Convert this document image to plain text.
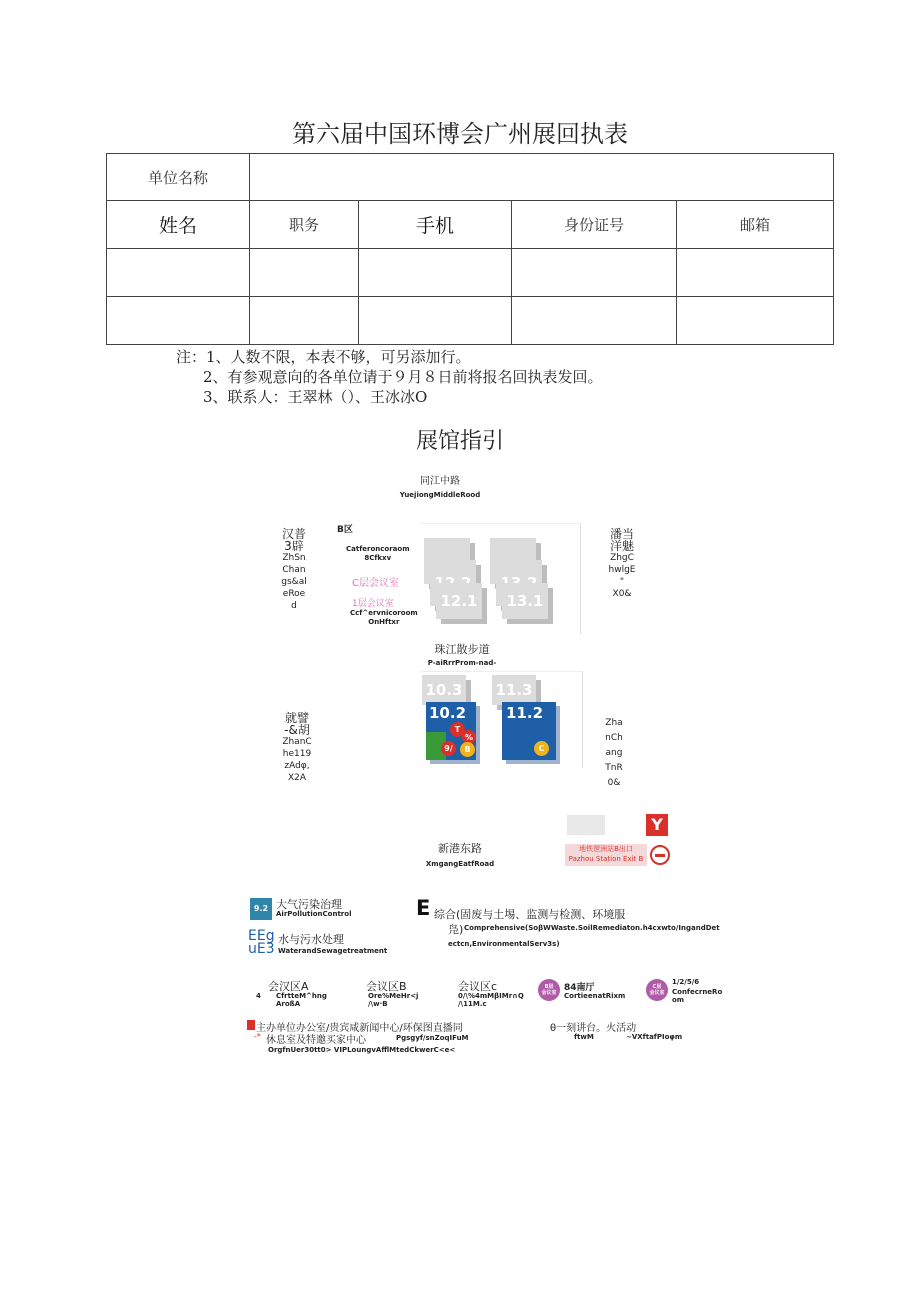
第六届中国环博会广州展回执表
单位名称				
姓名	职务	手机	身份证号	邮箱

注：1、人数不限，本表不够，可另添加行。
2、有参观意向的各单位请于９月８日前将报名回执表发回。
3、联系人：王翠林（）、王冰冰O
展馆指引
同江中路
YuejiongMiddleRood
汉普
3辟
ZhSn
Chan
gs&al
eRoe
d
B区
Catferoncoraom
8Cfkxv
C层会议室
1层会议室
Ccf^ervnicoroom
OnHftxr
12.1 13.1
潘当
洋魅
ZhgC
hwlgE
"
X0&
珠江散步道
P-aiRrrProm-nad-
10.3 11.3
10.2
T
%
9/ B
11.2
C
就譬
-&胡
ZhanC
he119
zAdφ,
X2A
Zha
nCh
ang
TnR
0&
新港东路
XmgangEatfRoad
Y
地铁琶洲站B出口
Pazhou Station Exit B
9.2 大气污染治理
AirPollutionControl
EEg
uE3
水与污水处理
WaterandSewagetreatment
E 综合(固废与土埸、监测与检测、环境服
凫) Comprehensive(SoβWWaste.SoilRemediaton.h4cxwto/ІngandDet
ectcn,EnvironmentalServ3s)
会汉区A
4 CfrtteM^hng
AroßA
会议区B
Ore%MeHr<j
/\w·B
会议区c
0/\%4mMβIMr∩Q
/\11M.c
B层
会议室 84南厅
CortieenatRixm
C层
会议室
1/2/5/6
ConfecrneRo
om
主办单位办公室/贵宾咸新闻中心/环保图直播同
-* 休息室及特邀买家中心	Pgsgyf/snZoqIFuM
OrgfnUer30tt0> VIPLoungvAfflMtedCkwerC<e<
θ一刻讲台。火活动
ftwM	~VXftafPIoφm
